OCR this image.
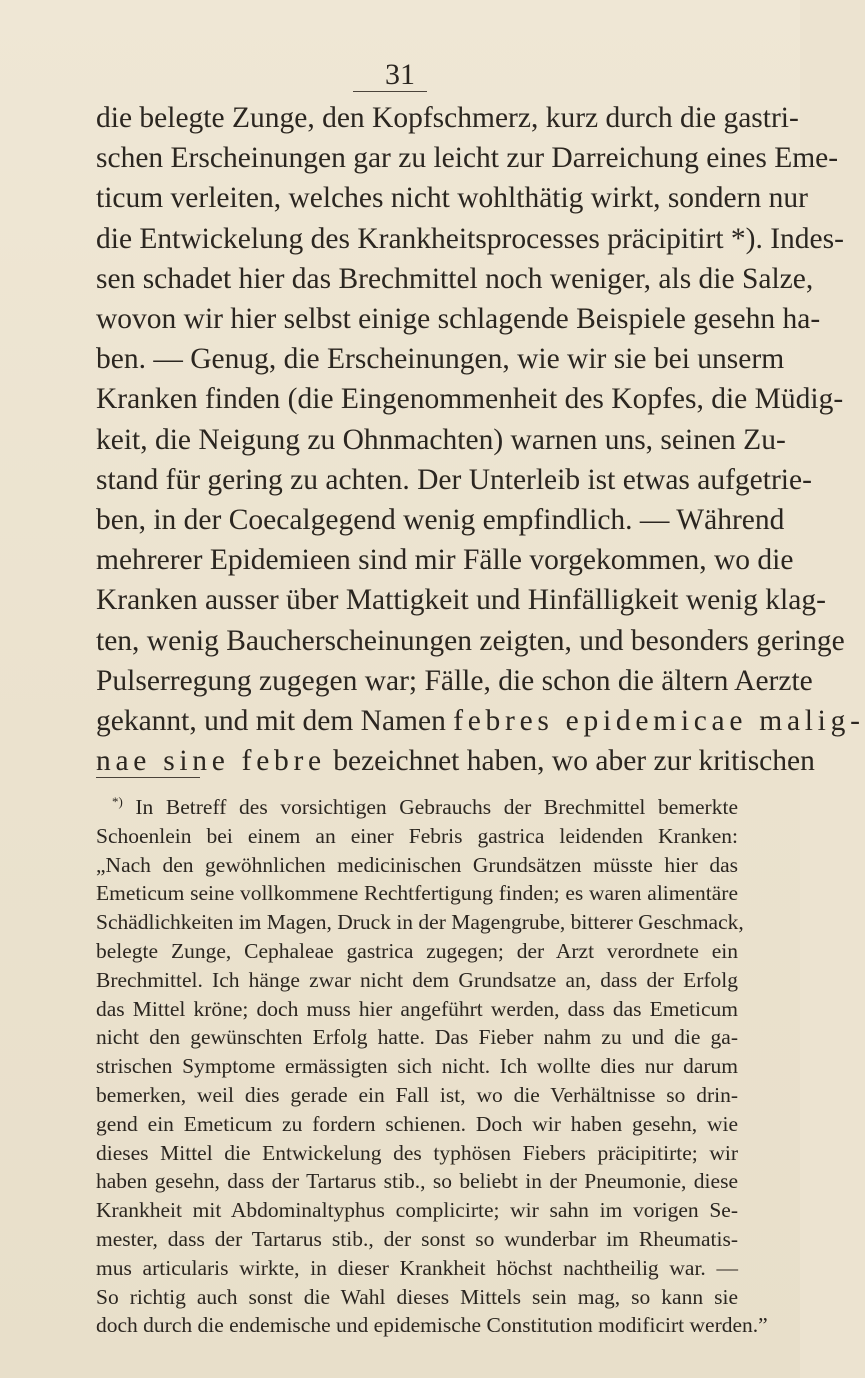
31
die belegte Zunge, den Kopfschmerz, kurz durch die gastri-
schen Erscheinungen gar zu leicht zur Darreichung eines Eme-
ticum verleiten, welches nicht wohlthätig wirkt, sondern nur
die Entwickelung des Krankheitsprocesses präcipitirt *). Indes-
sen schadet hier das Brechmittel noch weniger, als die Salze,
wovon wir hier selbst einige schlagende Beispiele gesehn ha-
ben. — Genug, die Erscheinungen, wie wir sie bei unserm
Kranken finden (die Eingenommenheit des Kopfes, die Müdig-
keit, die Neigung zu Ohnmachten) warnen uns, seinen Zu-
stand für gering zu achten. Der Unterleib ist etwas aufgetrie-
ben, in der Coecalgegend wenig empfindlich. — Während
mehrerer Epidemieen sind mir Fälle vorgekommen, wo die
Kranken ausser über Mattigkeit und Hinfälligkeit wenig klag-
ten, wenig Baucherscheinungen zeigten, und besonders geringe
Pulserregung zugegen war; Fälle, die schon die ältern Aerzte
gekannt, und mit dem Namen febres epidemicae malig-
nae sine febre bezeichnet haben, wo aber zur kritischen
*) In Betreff des vorsichtigen Gebrauchs der Brechmittel bemerkte
Schoenlein bei einem an einer Febris gastrica leidenden Kranken:
„Nach den gewöhnlichen medicinischen Grundsätzen müsste hier das
Emeticum seine vollkommene Rechtfertigung finden; es waren alimentäre
Schädlichkeiten im Magen, Druck in der Magengrube, bitterer Geschmack,
belegte Zunge, Cephaleae gastrica zugegen; der Arzt verordnete ein
Brechmittel. Ich hänge zwar nicht dem Grundsatze an, dass der Erfolg
das Mittel kröne; doch muss hier angeführt werden, dass das Emeticum
nicht den gewünschten Erfolg hatte. Das Fieber nahm zu und die ga-
strischen Symptome ermässigten sich nicht. Ich wollte dies nur darum
bemerken, weil dies gerade ein Fall ist, wo die Verhältnisse so drin-
gend ein Emeticum zu fordern schienen. Doch wir haben gesehn, wie
dieses Mittel die Entwickelung des typhösen Fiebers präcipitirte; wir
haben gesehn, dass der Tartarus stib., so beliebt in der Pneumonie, diese
Krankheit mit Abdominaltyphus complicirte; wir sahn im vorigen Se-
mester, dass der Tartarus stib., der sonst so wunderbar im Rheumatis-
mus articularis wirkte, in dieser Krankheit höchst nachtheilig war. —
So richtig auch sonst die Wahl dieses Mittels sein mag, so kann sie
doch durch die endemische und epidemische Constitution modificirt werden.”
